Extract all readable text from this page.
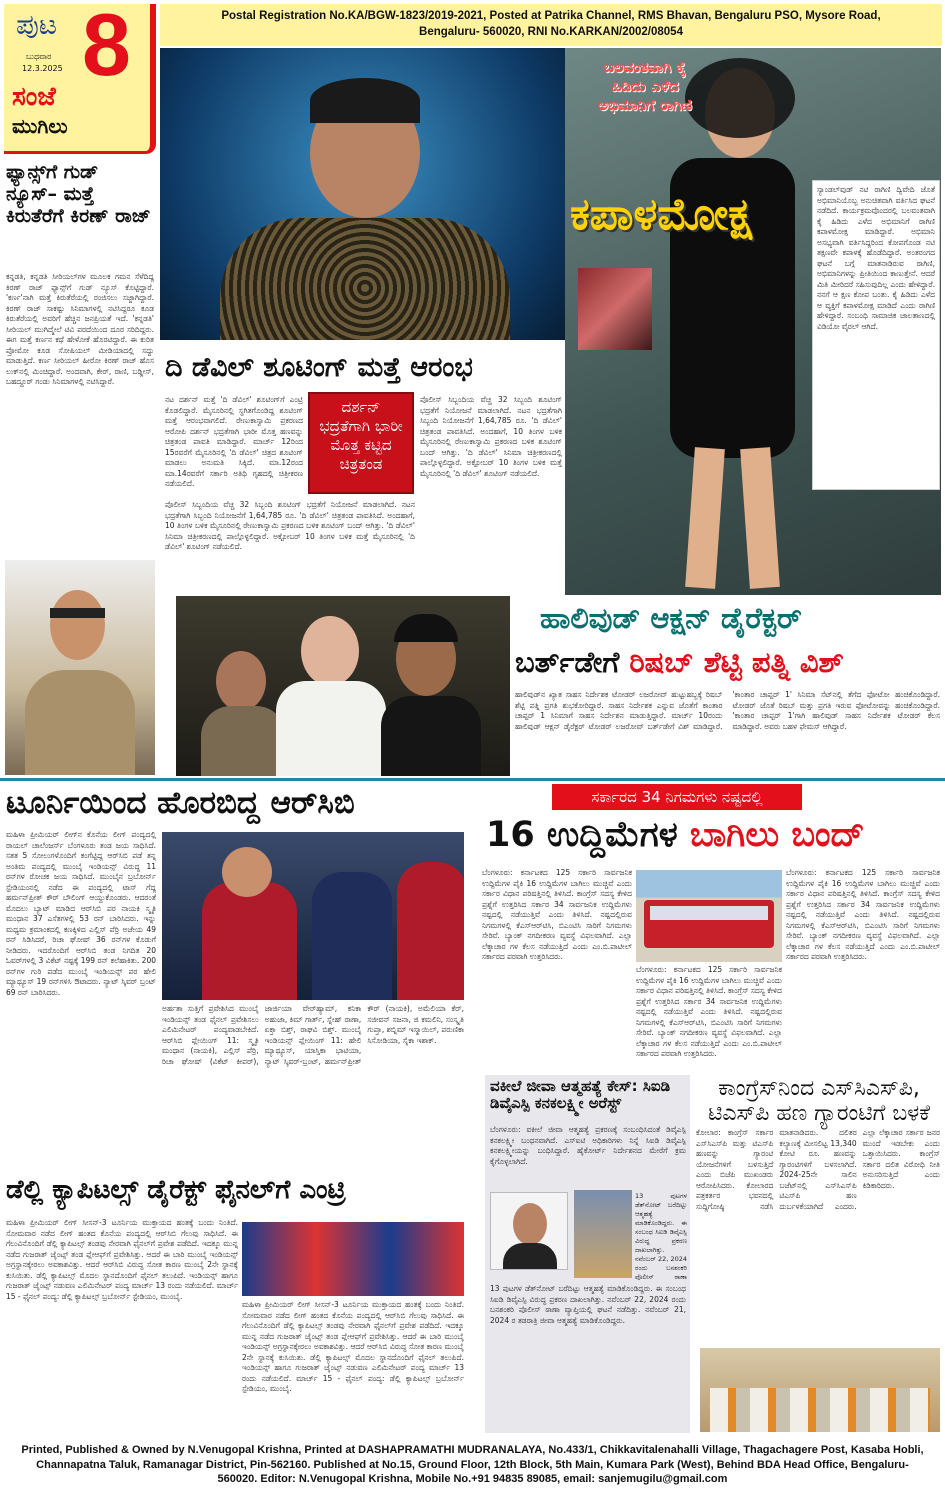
ಪುಟ 8
ಬುಧವಾರ
12.3.2025
ಸಂಜೆ
ಮುಗಿಲು
Postal Registration No.KA/BGW-1823/2019-2021, Posted at Patrika Channel, RMS Bhavan, Bengaluru PSO, Mysore Road, Bengaluru- 560020, RNI No.KARKAN/2002/08054
ಫ್ಯಾನ್ಸ್‌ಗೆ ಗುಡ್ ನ್ಯೂಸ್– ಮತ್ತೆ ಕಿರುತೆರೆಗೆ ಕಿರಣ್ ರಾಜ್
ಕನ್ನಡತಿ, ಕನ್ನಡತಿ ಸೀರಿಯಲ್‌ಗಳ ಮೂಲಕ ಗಮನ ಸೆಳೆದಿದ್ದ ಕಿರಣ್ ರಾಜ್ ಫ್ಯಾನ್ಸ್‌ಗೆ ಗುಡ್ ನ್ಯೂಸ್ ಕೊಟ್ಟಿದ್ದಾರೆ. 'ಕರ್ಣ'ನಾಗಿ ಮತ್ತೆ ಕಿರುತೆರೆಯಲ್ಲಿ ರಂಜಿಸಲು ಸಜ್ಜಾಗಿದ್ದಾರೆ. ಕಿರಣ್ ರಾಜ್ ಸಾಕಷ್ಟು ಸಿನಿಮಾಗಳಲ್ಲಿ ನಟಿಸಿದ್ದರೂ ಕೂಡ ಕಿರುತೆರೆಯಲ್ಲಿ ಅವರಿಗೆ ಹೆಚ್ಚಿನ ಜನಪ್ರಿಯತೆ ಇದೆ. 'ಕನ್ನಡತಿ' ಸೀರಿಯಲ್ ಮುಗಿದ್ಮೇಲೆ ಟಿವಿ ಪರದೆಯಿಂದ ದೂರ ಸರಿದಿದ್ದರು. ಈಗ ಮತ್ತೆ ಕರ್ಣನ ಕಥೆ ಹೇಳೋಕೆ ಹೊರಟಿದ್ದಾರೆ. ಈ ಕುರಿತ ಪ್ರೋಮೋ ಕೂಡ ಸೋಷಿಯಲ್ ಮೀಡಿಯಾದಲ್ಲಿ ಸದ್ದು ಮಾಡುತ್ತಿದೆ. ಕರ್ಣ ಸೀರಿಯಲ್ ಹೀರೋ ಕಿರಣ್ ರಾಜ್ ಹೊಸ ಲುಕ್‌ನಲ್ಲಿ ಮಿಂಚಿದ್ದಾರೆ. ಅಂದವಾಗಿ, ಕೇರ್, ರಾಣಿ, ಬಡ್ಡೀಸ್, ಬಹದ್ದೂರ್ ಗಂಡು ಸಿನಿಮಾಗಳಲ್ಲಿ ನಟಿಸಿದ್ದಾರೆ.	ದಿ ಡೆವಿಲ್ ಶೂಟಿಂಗ್ ಮತ್ತೆ ಆರಂಭ
ನಟ ದರ್ಶನ್ ಮತ್ತೆ 'ದಿ ಡೆವಿಲ್' ಶೂಟಿಂಗ್‌ಗೆ ಎಂಟ್ರಿ ಕೊಡಲಿದ್ದಾರೆ. ಮೈಸೂರಿನಲ್ಲಿ ಸ್ಥಗಿತಗೊಂಡಿದ್ದ ಶೂಟಿಂಗ್ ಮತ್ತೆ ಆರಂಭವಾಗಲಿದೆ. ರೇಣುಕಾಸ್ವಾಮಿ ಪ್ರಕರಣದ ಆರೋಪಿ ದರ್ಶನ್ ಭದ್ರತೆಗಾಗಿ ಭಾರೀ ಮೊತ್ತ ಹಣವನ್ನು ಚಿತ್ರತಂಡ ಪಾವತಿ ಮಾಡಿದ್ದಾರೆ. ಮಾರ್ಚ್ 12ರಿಂದ 15ರವರೆಗೆ ಮೈಸೂರಿನಲ್ಲಿ 'ದಿ ಡೆವಿಲ್' ಚಿತ್ರದ ಶೂಟಿಂಗ್ ಮಾಡಲು ಅನುಮತಿ ಸಿಕ್ಕಿದೆ. ಮಾ.12ರಂದ ಮಾ.14ರವರೆಗೆ ಸರ್ಕಾರಿ ಅತಿಥಿ ಗೃಹದಲ್ಲಿ ಚಿತ್ರೀಕರಣ ನಡೆಯಲಿದೆ.
ದರ್ಶನ್ ಭದ್ರತೆಗಾಗಿ ಭಾರೀ ಮೊತ್ತ ಕಟ್ಟಿದ ಚಿತ್ರತಂಡ
ಪೊಲೀಸ್ ಸಿಬ್ಬಂದಿಯ ವೆಚ್ಚ 32 ಸಿಬ್ಬಂದಿ ಶೂಟಿಂಗ್ ಭದ್ರತೆಗೆ ನಿಯೋಜನೆ ಮಾಡಲಾಗಿದೆ. ನಟನ ಭದ್ರತೆಗಾಗಿ ಸಿಬ್ಬಂದಿ ನಿಯೋಜನೆಗೆ 1,64,785 ರೂ. 'ದಿ ಡೆವಿಲ್' ಚಿತ್ರತಂಡ ಪಾವತಿಸಿದೆ. ಅಂದಹಾಗೆ, 10 ತಿಂಗಳ ಬಳಿಕ ಮೈಸೂರಿನಲ್ಲಿ ರೇಣುಕಾಸ್ವಾಮಿ ಪ್ರಕರಣದ ಬಳಿಕ ಶೂಟಿಂಗ್ ಬಂದ್ ಆಗಿತ್ತು. 'ದಿ ಡೆವಿಲ್' ಸಿನಿಮಾ ಚಿತ್ರೀಕರಣದಲ್ಲಿ ಪಾಲ್ಗೊಳ್ಳಲಿದ್ದಾರೆ. ಅಕ್ಟೋಬರ್ 10 ತಿಂಗಳ ಬಳಿಕ ಮತ್ತೆ ಮೈಸೂರಿನಲ್ಲಿ 'ದಿ ಡೆವಿಲ್' ಶೂಟಿಂಗ್ ನಡೆಯಲಿದೆ.
ಪೊಲೀಸ್ ಸಿಬ್ಬಂದಿಯ ವೆಚ್ಚ 32 ಸಿಬ್ಬಂದಿ ಶೂಟಿಂಗ್ ಭದ್ರತೆಗೆ ನಿಯೋಜನೆ ಮಾಡಲಾಗಿದೆ. ನಟನ ಭದ್ರತೆಗಾಗಿ ಸಿಬ್ಬಂದಿ ನಿಯೋಜನೆಗೆ 1,64,785 ರೂ. 'ದಿ ಡೆವಿಲ್' ಚಿತ್ರತಂಡ ಪಾವತಿಸಿದೆ. ಅಂದಹಾಗೆ, 10 ತಿಂಗಳ ಬಳಿಕ ಮೈಸೂರಿನಲ್ಲಿ ರೇಣುಕಾಸ್ವಾಮಿ ಪ್ರಕರಣದ ಬಳಿಕ ಶೂಟಿಂಗ್ ಬಂದ್ ಆಗಿತ್ತು. 'ದಿ ಡೆವಿಲ್' ಸಿನಿಮಾ ಚಿತ್ರೀಕರಣದಲ್ಲಿ ಪಾಲ್ಗೊಳ್ಳಲಿದ್ದಾರೆ. ಅಕ್ಟೋಬರ್ 10 ತಿಂಗಳ ಬಳಿಕ ಮತ್ತೆ ಮೈಸೂರಿನಲ್ಲಿ 'ದಿ ಡೆವಿಲ್' ಶೂಟಿಂಗ್ ನಡೆಯಲಿದೆ.
ಬಲವಂತವಾಗಿ ಕೈ ಹಿಡಿದು ಎಳೆದ ಅಭಿಮಾನಿಗೆ ರಾಗಿಣಿ
ಕಪಾಳಮೋಕ್ಷ	ಸ್ಯಾಂಡಲ್‌ವುಡ್ ನಟಿ ರಾಗಿಣಿ ದ್ವಿವೇದಿ ಜೊತೆ ಅಭಿಮಾನಿಯೊಬ್ಬ ಅನುಚಿತವಾಗಿ ವರ್ತಿಸಿದ ಘಟನೆ ನಡೆದಿದೆ. ಕಾರ್ಯಕ್ರಮವೊಂದರಲ್ಲಿ ಬಲವಂತವಾಗಿ ಕೈ ಹಿಡಿದು ಎಳೆದ ಅಭಿಮಾನಿಗೆ ರಾಗಿಣಿ ಕಪಾಳಮೋಕ್ಷ ಮಾಡಿದ್ದಾರೆ. ಅಭಿಮಾನಿ ಅಸಭ್ಯವಾಗಿ ವರ್ತಿಸಿದ್ದರಿಂದ ಕೋಪಗೊಂಡ ನಟಿ ತಕ್ಷಣವೇ ಕಪಾಳಕ್ಕೆ ಹೊಡೆದಿದ್ದಾರೆ. ಅಂತರಂಗದ ಘಟನೆ ಬಗ್ಗೆ ಮಾತನಾಡಿರುವ ರಾಗಿಣಿ, ಅಭಿಮಾನಿಗಳನ್ನು ಪ್ರೀತಿಯಿಂದ ಕಾಣುತ್ತೇನೆ. ಆದರೆ ಮಿತಿ ಮೀರಿದರೆ ಸಹಿಸುವುದಿಲ್ಲ ಎಂದು ಹೇಳಿದ್ದಾರೆ. ನನಗೆ ಆ ಕ್ಷಣ ಕೋಪ ಬಂತು. ಕೈ ಹಿಡಿದು ಎಳೆದ ಆ ವ್ಯಕ್ತಿಗೆ ಕಪಾಳಮೋಕ್ಷ ಮಾಡಿದೆ ಎಂದು ರಾಗಿಣಿ ಹೇಳಿದ್ದಾರೆ. ಸಂಬಂಧಿ ಸಾಮಾಜಿಕ ಜಾಲತಾಣದಲ್ಲಿ ವಿಡಿಯೋ ವೈರಲ್ ಆಗಿದೆ.
ಹಾಲಿವುಡ್ ಆಕ್ಷನ್ ಡೈರೆಕ್ಟರ್
ಬರ್ತ್‌ಡೇಗೆ ರಿಷಬ್ ಶೆಟ್ಟಿ ಪತ್ನಿ ವಿಶ್
ಹಾಲಿವುಡ್‌ನ ಖ್ಯಾತ ಸಾಹಸ ನಿರ್ದೇಶಕ ಟೋಡರ್ ಲಜರೋವ್ ಹುಟ್ಟುಹಬ್ಬಕ್ಕೆ ರಿಷಬ್ ಶೆಟ್ಟಿ ಪತ್ನಿ ಪ್ರಗತಿ ಶುಭಕೋರಿದ್ದಾರೆ. ಸಾಹಸ ನಿರ್ದೇಶಕ ಎನ್ನುವ ಜೊತೆಗೆ ಕಾಂತಾರ ಚಾಪ್ಟರ್ 1 ಸಿನಿಮಾಗೆ ಸಾಹಸ ನಿರ್ದೇಶನ ಮಾಡುತ್ತಿದ್ದಾರೆ. ಮಾರ್ಚ್ 10ರಂದು ಹಾಲಿವುಡ್ ಆಕ್ಷನ್ ಡೈರೆಕ್ಟರ್ ಟೋಡರ್ ಲಜರೋವ್ ಬರ್ತ್‌ಡೇಗೆ ವಿಶ್ ಮಾಡಿದ್ದಾರೆ. 'ಕಾಂತಾರ ಚಾಪ್ಟರ್ 1' ಸಿನಿಮಾ ಸೆಟ್‌ನಲ್ಲಿ ತೆಗೆದ ಫೋಟೋ ಹಂಚಿಕೊಂಡಿದ್ದಾರೆ. ಟೋಡರ್ ಜೊತೆ ರಿಷಬ್ ಮತ್ತು ಪ್ರಗತಿ ಇರುವ ಫೋಟೋವನ್ನು ಹಂಚಿಕೊಂಡಿದ್ದಾರೆ. 'ಕಾಂತಾರ ಚಾಪ್ಟರ್ 1'ಗಾಗಿ ಹಾಲಿವುಡ್ ಸಾಹಸ ನಿರ್ದೇಶಕ ಟೋಡರ್ ಕೆಲಸ ಮಾಡಿದ್ದಾರೆ. ಅವರು ಬಹಳ ಫೇಮಸ್ ಆಗಿದ್ದಾರೆ.
ಟೂರ್ನಿಯಿಂದ ಹೊರಬಿದ್ದ ಆರ್‌ಸಿಬಿ
ಮಹಿಳಾ ಪ್ರೀಮಿಯರ್ ಲೀಗ್‌ನ ಕೊನೆಯ ಲೀಗ್ ಪಂದ್ಯದಲ್ಲಿ ರಾಯಲ್ ಚಾಲೆಂಜರ್ಸ್ ಬೆಂಗಳೂರು ತಂಡ ಜಯ ಸಾಧಿಸಿದೆ. ಸತತ 5 ಸೋಲುಗಳೊಂದಿಗೆ ಕಂಗೆಟ್ಟಿದ್ದ ಆರ್‌ಸಿಬಿ ಪಡೆ ತನ್ನ ಅಂತಿಮ ಪಂದ್ಯದಲ್ಲಿ ಮುಂಬೈ ಇಂಡಿಯನ್ಸ್ ವಿರುದ್ಧ 11 ರನ್‌ಗಳ ರೋಚಕ ಜಯ ಸಾಧಿಸಿದೆ. ಮುಂಬೈನ ಬ್ರಬೋರ್ನ್ ಸ್ಟೇಡಿಯಂನಲ್ಲಿ ನಡೆದ ಈ ಪಂದ್ಯದಲ್ಲಿ ಟಾಸ್ ಗೆದ್ದ ಹರ್ಮನ್‌ಪ್ರೀತ್ ಕೌರ್ ಬೌಲಿಂಗ್ ಆಯ್ದುಕೊಂಡರು. ಆದರಂತೆ ಮೊದಲು ಬ್ಯಾಟ್ ಮಾಡಿದ ಆರ್‌ಸಿಬಿ ಪರ ನಾಯಕಿ ಸ್ಮೃತಿ ಮಂಧಾನ 37 ಎಸೆತಗಳಲ್ಲಿ 53 ರನ್ ಬಾರಿಸಿದರು. ಇನ್ನು ಮಧ್ಯಮ ಕ್ರಮಾಂಕದಲ್ಲಿ ಕಣಕ್ಕಿಳಿದ ಎಲ್ಲಿಸ್ ಪೆರ್ರಿ ಅಜೇಯ 49 ರನ್ ಸಿಡಿಸಿದರೆ, ರಿಚಾ ಘೋಷ್ 36 ರನ್‌ಗಳ ಕೊಡುಗೆ ನೀಡಿದರು. ಇದರೊಂದಿಗೆ ಆರ್‌ಸಿಬಿ ತಂಡ ನಿಗದಿತ 20 ಓವರ್‌ಗಳಲ್ಲಿ 3 ವಿಕೆಟ್ ನಷ್ಟಕ್ಕೆ 199 ರನ್ ಕಲೆಹಾಕಿತು. 200 ರನ್‌ಗಳ ಗುರಿ ಪಡೆದ ಮುಂಬೈ ಇಂಡಿಯನ್ಸ್ ಪರ ಹೇಲಿ ಮ್ಯಾಥ್ಯೂಸ್ 19 ರನ್‌ಗಳಿಸಿ ಔಟಾದರು. ನ್ಯಾಟ್ ಸ್ಕಿವರ್ ಬ್ರಂಟ್ 69 ರನ್ ಬಾರಿಸಿದರು.
ಅರ್ಹತಾ ಸುತ್ತಿಗೆ ಪ್ರವೇಶಿಸಿದ ಮುಂಬೈ ಇಂಡಿಯನ್ಸ್ ತಂಡ ಫೈನಲ್ ಪ್ರವೇಶಿಸಲು ಎಲಿಮಿನೇಟರ್ ಪಂದ್ಯವಾಡಬೇಕಿದೆ. ಆರ್‌ಸಿಬಿ ಪ್ಲೇಯಿಂಗ್ 11: ಸ್ಮೃತಿ ಮಂಧಾನ (ನಾಯಕಿ), ಎಲ್ಲಿಸ್ ಪೆರ್ರಿ, ರಿಚಾ ಘೋಷ್ (ವಿಕೆಟ್ ಕೀಪರ್), ಜಾರ್ಜಿಯಾ ವೇರ್‌ಹ್ಯಾಮ್, ಕನಿಕಾ ಅಹುಜಾ, ಕಿಮ್ ಗಾರ್ತ್, ಸ್ನೇಹ್ ರಾಣಾ, ಏಕ್ತಾ ಬಿಶ್ತ್, ರಾಘವಿ ಬಿಶ್ತ್. ಮುಂಬೈ ಇಂಡಿಯನ್ಸ್ ಪ್ಲೇಯಿಂಗ್ 11: ಹೇಲಿ ಮ್ಯಾಥ್ಯೂಸ್, ಯಾಸ್ತಿಕಾ ಭಾಟಿಯಾ, ನ್ಯಾಟ್ ಸ್ಕಿವರ್-ಬ್ರಂಟ್, ಹರ್ಮನ್‌ಪ್ರೀತ್ ಕೌರ್ (ನಾಯಕಿ), ಅಮೆಲಿಯಾ ಕೆರ್, ಸಜೀವನ್ ಸಜನಾ, ಜಿ ಕಮಲಿನಿ, ಸಂಸ್ಕೃತಿ ಗುಪ್ತಾ, ಶಬ್ನಿಮ್ ಇಸ್ಮಾಯಿಲ್, ಪರುಣಿಕಾ ಸಿಸೋಡಿಯಾ, ಸೈಕಾ ಇಶಾಕ್.
ಡೆಲ್ಲಿ ಕ್ಯಾಪಿಟಲ್ಸ್ ಡೈರೆಕ್ಟ್ ಫೈನಲ್‌ಗೆ ಎಂಟ್ರಿ
ಮಹಿಳಾ ಪ್ರೀಮಿಯರ್ ಲೀಗ್ ಸೀಸನ್-3 ಟೂರ್ನಿಯ ಮುಕ್ತಾಯದ ಹಂತಕ್ಕೆ ಬಂದು ನಿಂತಿದೆ. ಸೋಮವಾರ ನಡೆದ ಲೀಗ್ ಹಂತದ ಕೊನೆಯ ಪಂದ್ಯದಲ್ಲಿ ಆರ್‌ಸಿಬಿ ಗೆಲುವು ಸಾಧಿಸಿದೆ. ಈ ಗೆಲುವಿನೊಂದಿಗೆ ಡೆಲ್ಲಿ ಕ್ಯಾಪಿಟಲ್ಸ್ ತಂಡವು ನೇರವಾಗಿ ಫೈನಲ್‌ಗೆ ಪ್ರವೇಶ ಪಡೆದಿದೆ. ಇದಕ್ಕೂ ಮುನ್ನ ನಡೆದ ಗುಜರಾತ್ ಜೈಂಟ್ಸ್ ತಂಡ ಪ್ಲೇಆಫ್‌ಗೆ ಪ್ರವೇಶಿಸಿತ್ತು. ಆದರೆ ಈ ಬಾರಿ ಮುಂಬೈ ಇಂಡಿಯನ್ಸ್ ಅಗ್ರಸ್ಥಾನಕ್ಕೇರಲು ಅವಕಾಶವಿತ್ತು. ಆದರೆ ಆರ್‌ಸಿಬಿ ವಿರುದ್ಧ ಸೋತ ಕಾರಣ ಮುಂಬೈ 2ನೇ ಸ್ಥಾನಕ್ಕೆ ಕುಸಿಯಿತು. ಡೆಲ್ಲಿ ಕ್ಯಾಪಿಟಲ್ಸ್ ಮೊದಲ ಸ್ಥಾನದೊಂದಿಗೆ ಫೈನಲ್ ತಲುಪಿದೆ. ಇಂಡಿಯನ್ಸ್ ಹಾಗೂ ಗುಜರಾತ್ ಜೈಂಟ್ಸ್ ನಡುವಣ ಎಲಿಮಿನೇಟರ್ ಪಂದ್ಯ ಮಾರ್ಚ್ 13 ರಂದು ನಡೆಯಲಿದೆ. ಮಾರ್ಚ್ 15 - ಫೈನಲ್ ಪಂದ್ಯ: ಡೆಲ್ಲಿ ಕ್ಯಾಪಿಟಲ್ಸ್ ಬ್ರಬೋರ್ನ್ ಸ್ಟೇಡಿಯಂ, ಮುಂಬೈ.
ಮಹಿಳಾ ಪ್ರೀಮಿಯರ್ ಲೀಗ್ ಸೀಸನ್-3 ಟೂರ್ನಿಯ ಮುಕ್ತಾಯದ ಹಂತಕ್ಕೆ ಬಂದು ನಿಂತಿದೆ. ಸೋಮವಾರ ನಡೆದ ಲೀಗ್ ಹಂತದ ಕೊನೆಯ ಪಂದ್ಯದಲ್ಲಿ ಆರ್‌ಸಿಬಿ ಗೆಲುವು ಸಾಧಿಸಿದೆ. ಈ ಗೆಲುವಿನೊಂದಿಗೆ ಡೆಲ್ಲಿ ಕ್ಯಾಪಿಟಲ್ಸ್ ತಂಡವು ನೇರವಾಗಿ ಫೈನಲ್‌ಗೆ ಪ್ರವೇಶ ಪಡೆದಿದೆ. ಇದಕ್ಕೂ ಮುನ್ನ ನಡೆದ ಗುಜರಾತ್ ಜೈಂಟ್ಸ್ ತಂಡ ಪ್ಲೇಆಫ್‌ಗೆ ಪ್ರವೇಶಿಸಿತ್ತು. ಆದರೆ ಈ ಬಾರಿ ಮುಂಬೈ ಇಂಡಿಯನ್ಸ್ ಅಗ್ರಸ್ಥಾನಕ್ಕೇರಲು ಅವಕಾಶವಿತ್ತು. ಆದರೆ ಆರ್‌ಸಿಬಿ ವಿರುದ್ಧ ಸೋತ ಕಾರಣ ಮುಂಬೈ 2ನೇ ಸ್ಥಾನಕ್ಕೆ ಕುಸಿಯಿತು. ಡೆಲ್ಲಿ ಕ್ಯಾಪಿಟಲ್ಸ್ ಮೊದಲ ಸ್ಥಾನದೊಂದಿಗೆ ಫೈನಲ್ ತಲುಪಿದೆ. ಇಂಡಿಯನ್ಸ್ ಹಾಗೂ ಗುಜರಾತ್ ಜೈಂಟ್ಸ್ ನಡುವಣ ಎಲಿಮಿನೇಟರ್ ಪಂದ್ಯ ಮಾರ್ಚ್ 13 ರಂದು ನಡೆಯಲಿದೆ. ಮಾರ್ಚ್ 15 - ಫೈನಲ್ ಪಂದ್ಯ: ಡೆಲ್ಲಿ ಕ್ಯಾಪಿಟಲ್ಸ್ ಬ್ರಬೋರ್ನ್ ಸ್ಟೇಡಿಯಂ, ಮುಂಬೈ.
ಸರ್ಕಾರದ 34 ನಿಗಮಗಳು ನಷ್ಟದಲ್ಲಿ
16 ಉದ್ದಿಮೆಗಳ ಬಾಗಿಲು ಬಂದ್
ಬೆಂಗಳೂರು: ಕರ್ನಾಟಕದ 125 ಸರ್ಕಾರಿ ಸಾರ್ವಜನಿಕ ಉದ್ದಿಮೆಗಳ ಪೈಕಿ 16 ಉದ್ದಿಮೆಗಳ ಬಾಗಿಲು ಮುಚ್ಚಿವೆ ಎಂದು ಸರ್ಕಾರ ವಿಧಾನ ಪರಿಷತ್ತಿನಲ್ಲಿ ತಿಳಿಸಿದೆ. ಕಾಂಗ್ರೆಸ್ ಸದಸ್ಯ ಕೇಳಿದ ಪ್ರಶ್ನೆಗೆ ಉತ್ತರಿಸಿದ ಸರ್ಕಾರ 34 ಸಾರ್ವಜನಿಕ ಉದ್ದಿಮೆಗಳು ನಷ್ಟದಲ್ಲಿ ನಡೆಯುತ್ತಿವೆ ಎಂದು ತಿಳಿಸಿದೆ. ನಷ್ಟದಲ್ಲಿರುವ ನಿಗಮಗಳಲ್ಲಿ ಕೆಎಸ್ಆರ್‌ಟಿಸಿ, ಬಿಎಂಟಿಸಿ ಸಾರಿಗೆ ನಿಗಮಗಳು ಸೇರಿವೆ. ಬ್ಯಾಂಕ್ ನಗದೀಕರಣ ವ್ಯವಸ್ಥೆ ವಿಫಲವಾಗಿದೆ. ಎಲ್ಲಾ ಲೆಕ್ಕಾಚಾರ ಗಳ ಕೆಲಸ ನಡೆಯುತ್ತಿದೆ ಎಂದು ಎಂ.ಬಿ.ಪಾಟೀಲ್ ಸರ್ಕಾರದ ಪರವಾಗಿ ಉತ್ತರಿಸಿದರು.
ಬೆಂಗಳೂರು: ಕರ್ನಾಟಕದ 125 ಸರ್ಕಾರಿ ಸಾರ್ವಜನಿಕ ಉದ್ದಿಮೆಗಳ ಪೈಕಿ 16 ಉದ್ದಿಮೆಗಳ ಬಾಗಿಲು ಮುಚ್ಚಿವೆ ಎಂದು ಸರ್ಕಾರ ವಿಧಾನ ಪರಿಷತ್ತಿನಲ್ಲಿ ತಿಳಿಸಿದೆ. ಕಾಂಗ್ರೆಸ್ ಸದಸ್ಯ ಕೇಳಿದ ಪ್ರಶ್ನೆಗೆ ಉತ್ತರಿಸಿದ ಸರ್ಕಾರ 34 ಸಾರ್ವಜನಿಕ ಉದ್ದಿಮೆಗಳು ನಷ್ಟದಲ್ಲಿ ನಡೆಯುತ್ತಿವೆ ಎಂದು ತಿಳಿಸಿದೆ. ನಷ್ಟದಲ್ಲಿರುವ ನಿಗಮಗಳಲ್ಲಿ ಕೆಎಸ್ಆರ್‌ಟಿಸಿ, ಬಿಎಂಟಿಸಿ ಸಾರಿಗೆ ನಿಗಮಗಳು ಸೇರಿವೆ. ಬ್ಯಾಂಕ್ ನಗದೀಕರಣ ವ್ಯವಸ್ಥೆ ವಿಫಲವಾಗಿದೆ. ಎಲ್ಲಾ ಲೆಕ್ಕಾಚಾರ ಗಳ ಕೆಲಸ ನಡೆಯುತ್ತಿದೆ ಎಂದು ಎಂ.ಬಿ.ಪಾಟೀಲ್ ಸರ್ಕಾರದ ಪರವಾಗಿ ಉತ್ತರಿಸಿದರು.
ಬೆಂಗಳೂರು: ಕರ್ನಾಟಕದ 125 ಸರ್ಕಾರಿ ಸಾರ್ವಜನಿಕ ಉದ್ದಿಮೆಗಳ ಪೈಕಿ 16 ಉದ್ದಿಮೆಗಳ ಬಾಗಿಲು ಮುಚ್ಚಿವೆ ಎಂದು ಸರ್ಕಾರ ವಿಧಾನ ಪರಿಷತ್ತಿನಲ್ಲಿ ತಿಳಿಸಿದೆ. ಕಾಂಗ್ರೆಸ್ ಸದಸ್ಯ ಕೇಳಿದ ಪ್ರಶ್ನೆಗೆ ಉತ್ತರಿಸಿದ ಸರ್ಕಾರ 34 ಸಾರ್ವಜನಿಕ ಉದ್ದಿಮೆಗಳು ನಷ್ಟದಲ್ಲಿ ನಡೆಯುತ್ತಿವೆ ಎಂದು ತಿಳಿಸಿದೆ. ನಷ್ಟದಲ್ಲಿರುವ ನಿಗಮಗಳಲ್ಲಿ ಕೆಎಸ್ಆರ್‌ಟಿಸಿ, ಬಿಎಂಟಿಸಿ ಸಾರಿಗೆ ನಿಗಮಗಳು ಸೇರಿವೆ. ಬ್ಯಾಂಕ್ ನಗದೀಕರಣ ವ್ಯವಸ್ಥೆ ವಿಫಲವಾಗಿದೆ. ಎಲ್ಲಾ ಲೆಕ್ಕಾಚಾರ ಗಳ ಕೆಲಸ ನಡೆಯುತ್ತಿದೆ ಎಂದು ಎಂ.ಬಿ.ಪಾಟೀಲ್ ಸರ್ಕಾರದ ಪರವಾಗಿ ಉತ್ತರಿಸಿದರು.
ವಕೀಲೆ ಜೀವಾ ಆತ್ಮಹತ್ಯೆ ಕೇಸ್: ಸಿಐಡಿ ಡಿವೈಎಸ್ಪಿ ಕನಕಲಕ್ಷ್ಮೀ ಅರೆಸ್ಟ್
ಬೆಂಗಳೂರು: ವಕೀಲೆ ಜೀವಾ ಆತ್ಮಹತ್ಯೆ ಪ್ರಕರಣಕ್ಕೆ ಸಂಬಂಧಿಸಿದಂತೆ ಡಿವೈಎಸ್ಪಿ ಕನಕಲಕ್ಷ್ಮೀ ಬಂಧನವಾಗಿದೆ. ಎಸ್‌ಐಟಿ ಅಧಿಕಾರಿಗಳು ನಿನ್ನೆ ಸಿಐಡಿ ಡಿವೈಎಸ್ಪಿ ಕನಕಲಕ್ಷ್ಮೀಯನ್ನು ಬಂಧಿಸಿದ್ದಾರೆ. ಹೈಕೋರ್ಟ್ ನಿರ್ದೇಶನದ ಮೇರೆಗೆ ಕ್ರಮ ಕೈಗೊಳ್ಳಲಾಗಿದೆ.
13 ಪುಟಗಳ ಡೆತ್‌ನೋಟ್ ಬರೆದಿಟ್ಟು ಆತ್ಮಹತ್ಯೆ ಮಾಡಿಕೊಂಡಿದ್ದರು. ಈ ಸಂಬಂಧ ಸಿಐಡಿ ಡಿವೈಎಸ್ಪಿ ವಿರುದ್ಧ ಪ್ರಕರಣ ದಾಖಲಾಗಿತ್ತು. ನವೆಂಬರ್ 22, 2024 ರಂದು ಬನಶಂಕರಿ ಪೊಲೀಸ್ ಠಾಣಾ
13 ಪುಟಗಳ ಡೆತ್‌ನೋಟ್ ಬರೆದಿಟ್ಟು ಆತ್ಮಹತ್ಯೆ ಮಾಡಿಕೊಂಡಿದ್ದರು. ಈ ಸಂಬಂಧ ಸಿಐಡಿ ಡಿವೈಎಸ್ಪಿ ವಿರುದ್ಧ ಪ್ರಕರಣ ದಾಖಲಾಗಿತ್ತು. ನವೆಂಬರ್ 22, 2024 ರಂದು ಬನಶಂಕರಿ ಪೊಲೀಸ್ ಠಾಣಾ ವ್ಯಾಪ್ತಿಯಲ್ಲಿ ಘಟನೆ ನಡೆದಿತ್ತು. ನವೆಂಬರ್ 21, 2024 ರ ತಡರಾತ್ರಿ ಜೀವಾ ಆತ್ಮಹತ್ಯೆ ಮಾಡಿಕೊಂಡಿದ್ದರು.
ಕಾಂಗ್ರೆಸ್‌ನಿಂದ ಎಸ್‌ಸಿಎಸ್‌ಪಿ, ಟಿಎಸ್‌ಪಿ ಹಣ ಗ್ಯಾರಂಟಿಗೆ ಬಳಕೆ
ಕೋಲಾರ: ಕಾಂಗ್ರೆಸ್ ಸರ್ಕಾರ ಎಸ್‌ಸಿಎಸ್‌ಪಿ ಮತ್ತು ಟಿಎಸ್‌ಪಿ ಹಣವನ್ನು ಗ್ಯಾರಂಟಿ ಯೋಜನೆಗಳಿಗೆ ಬಳಸುತ್ತಿದೆ ಎಂದು ಬಿಜೆಪಿ ಮುಖಂಡರು ಆರೋಪಿಸಿದರು. ಕೋಲಾರದ ಪತ್ರಕರ್ತರ ಭವನದಲ್ಲಿ ಸುದ್ದಿಗೋಷ್ಠಿ ನಡೆಸಿ ಮಾತನಾಡಿದರು. ದಲಿತರ ಕಲ್ಯಾಣಕ್ಕೆ ಮೀಸಲಿಟ್ಟ 13,340 ಕೋಟಿ ರೂ. ಹಣವನ್ನು ಗ್ಯಾರಂಟಿಗಳಿಗೆ ಬಳಸಲಾಗಿದೆ. 2024-25ನೇ ಸಾಲಿನ ಬಜೆಟ್‌ನಲ್ಲಿ ಎಸ್‌ಸಿಎಸ್‌ಪಿ ಟಿಎಸ್‌ಪಿ ಹಣ ದುರ್ಬಳಕೆಯಾಗಿದೆ ಎಂದರು. ಎಲ್ಲಾ ಲೆಕ್ಕಾಚಾರ ಸರ್ಕಾರ ಜನರ ಮುಂದೆ ಇಡಬೇಕು ಎಂದು ಒತ್ತಾಯಿಸಿದರು. ಕಾಂಗ್ರೆಸ್ ಸರ್ಕಾರ ದಲಿತ ವಿರೋಧಿ ನೀತಿ ಅನುಸರಿಸುತ್ತಿದೆ ಎಂದು ಕಿಡಿಕಾರಿದರು.
Printed, Published & Owned by N.Venugopal Krishna, Printed at DASHAPRAMATHI MUDRANALAYA, No.433/1, Chikkavitalenahalli Village, Thagachagere Post, Kasaba Hobli, Channapatna Taluk, Ramanagar District, Pin-562160. Published at No.15, Ground Floor, 12th Block, 5th Main, Kumara Park (West), Behind BDA Head Office, Bengaluru-560020. Editor: N.Venugopal Krishna, Mobile No.+91 94835 89085, email: sanjemugilu@gmail.com
